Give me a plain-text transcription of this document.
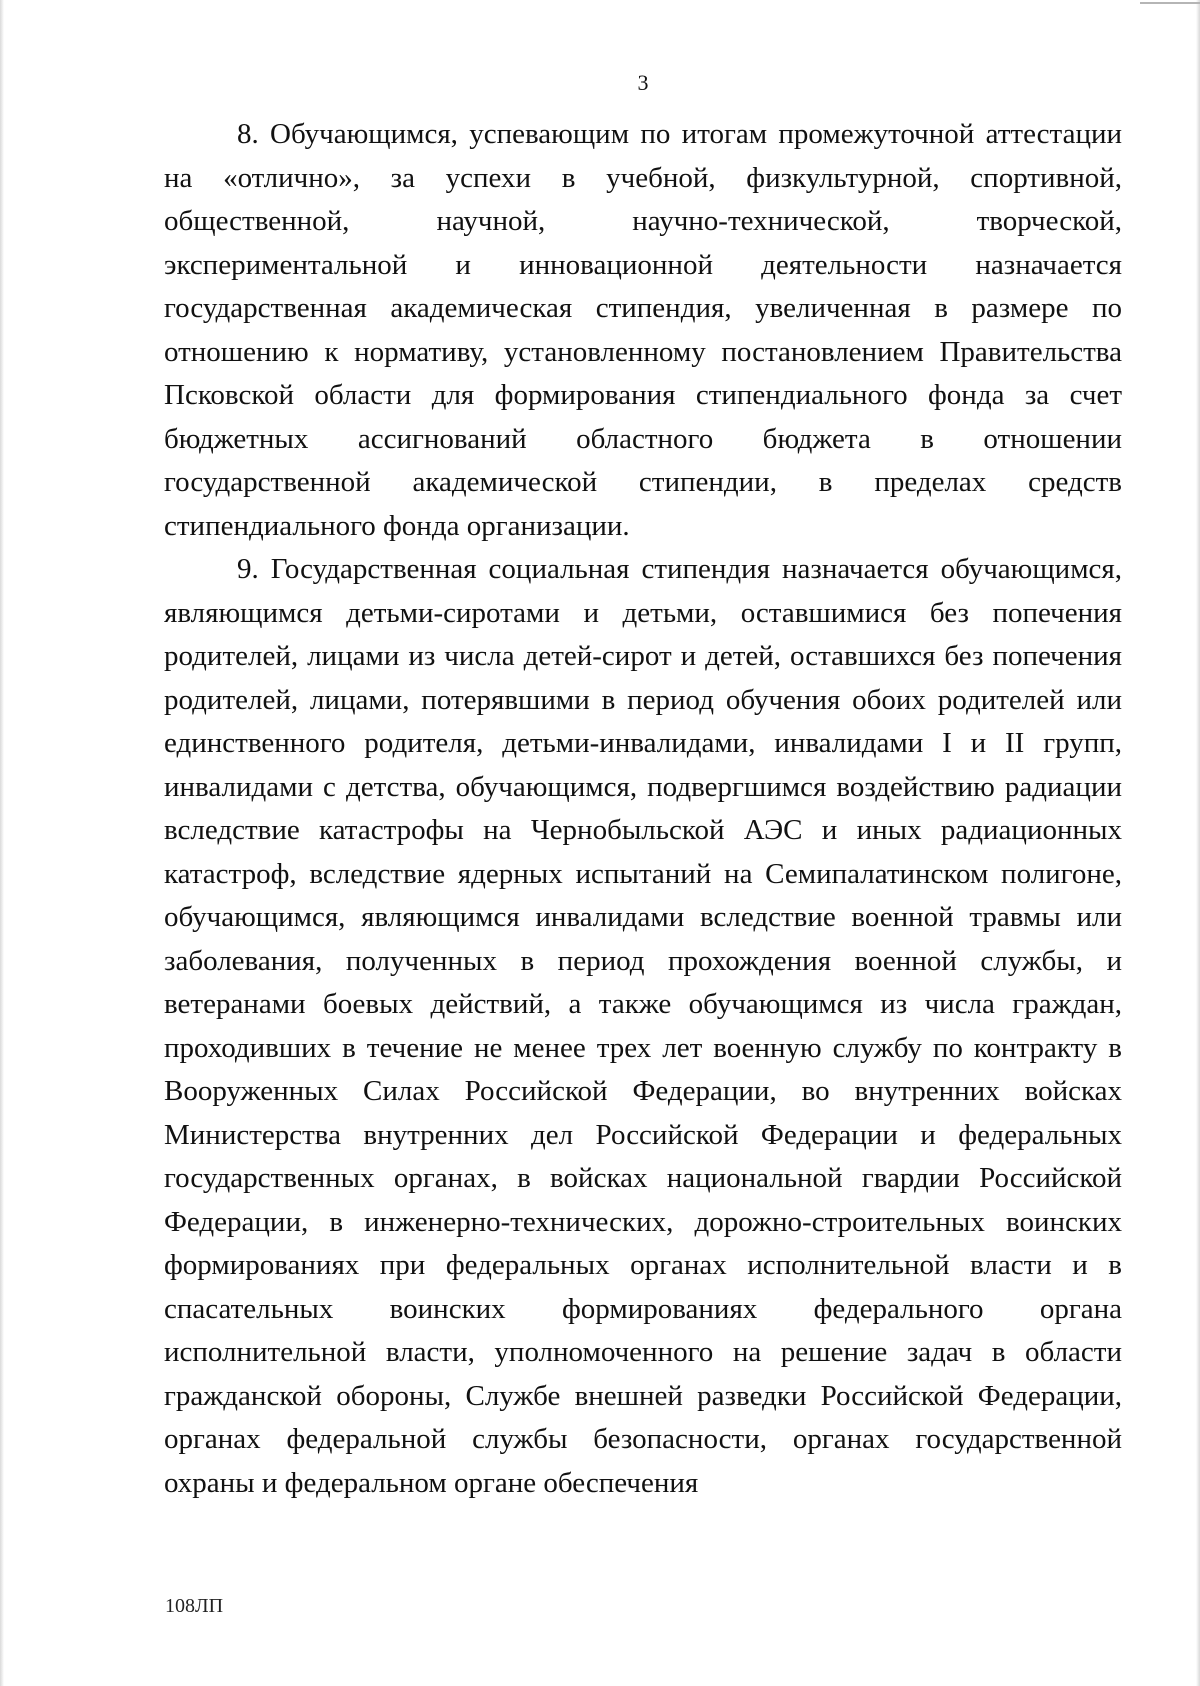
3

8. Обучающимся, успевающим по итогам промежуточной аттестации на «отлично», за успехи в учебной, физкультурной, спортивной, общественной, научной, научно-технической, творческой, экспериментальной и инновационной деятельности назначается государственная академическая стипендия, увеличенная в размере по отношению к нормативу, установленному постановлением Правительства Псковской области для формирования стипендиального фонда за счет бюджетных ассигнований областного бюджета в отношении государственной академической стипендии, в пределах средств стипендиального фонда организации.

9. Государственная социальная стипендия назначается обучающимся, являющимся детьми-сиротами и детьми, оставшимися без попечения родителей, лицами из числа детей-сирот и детей, оставшихся без попечения родителей, лицами, потерявшими в период обучения обоих родителей или единственного родителя, детьми-инвалидами, инвалидами I и II групп, инвалидами с детства, обучающимся, подвергшимся воздействию радиации вследствие катастрофы на Чернобыльской АЭС и иных радиационных катастроф, вследствие ядерных испытаний на Семипалатинском полигоне, обучающимся, являющимся инвалидами вследствие военной травмы или заболевания, полученных в период прохождения военной службы, и ветеранами боевых действий, а также обучающимся из числа граждан, проходивших в течение не менее трех лет военную службу по контракту в Вооруженных Силах Российской Федерации, во внутренних войсках Министерства внутренних дел Российской Федерации и федеральных государственных органах, в войсках национальной гвардии Российской Федерации, в инженерно-технических, дорожно-строительных воинских формированиях при федеральных органах исполнительной власти и в спасательных воинских формированиях федерального органа исполнительной власти, уполномоченного на решение задач в области гражданской обороны, Службе внешней разведки Российской Федерации, органах федеральной службы безопасности, органах государственной охраны и федеральном органе обеспечения

108ЛП
